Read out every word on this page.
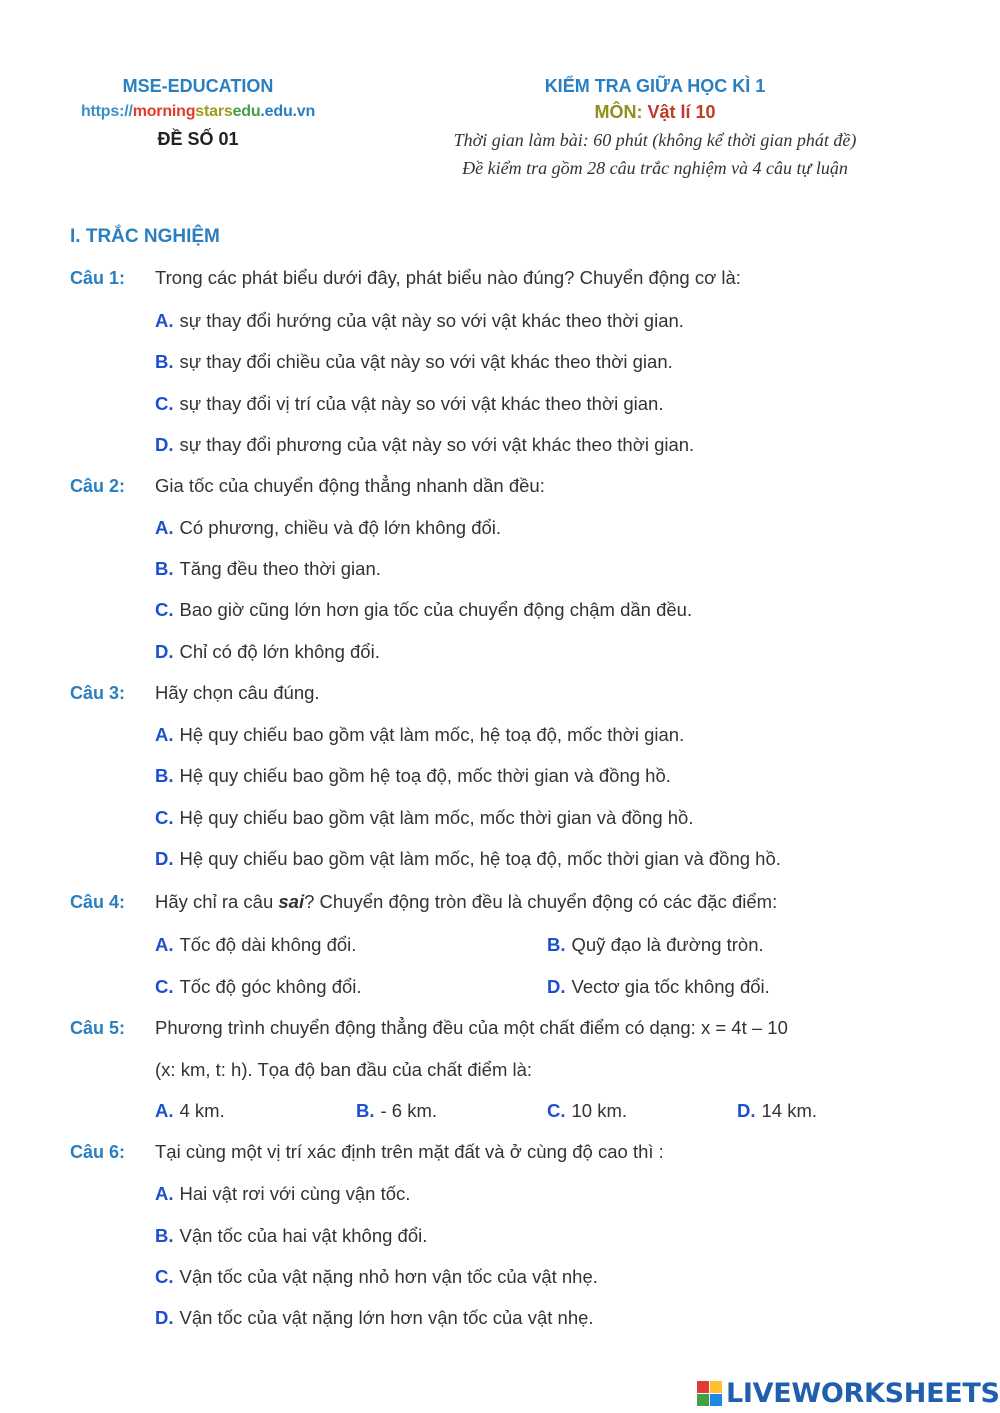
MSE-EDUCATION
https://morningstarsedu.edu.vn
ĐỀ SỐ 01
KIỂM TRA GIỮA HỌC KÌ 1
MÔN: Vật lí 10
Thời gian làm bài: 60 phút (không kể thời gian phát đề)
Đề kiểm tra gồm 28 câu trắc nghiệm và 4 câu tự luận
I. TRẮC NGHIỆM
Câu 1: Trong các phát biểu dưới đây, phát biểu nào đúng? Chuyển động cơ là:
A. sự thay đổi hướng của vật này so với vật khác theo thời gian.
B. sự thay đổi chiều của vật này so với vật khác theo thời gian.
C. sự thay đổi vị trí của vật này so với vật khác theo thời gian.
D. sự thay đổi phương của vật này so với vật khác theo thời gian.
Câu 2: Gia tốc của chuyển động thẳng nhanh dần đều:
A. Có phương, chiều và độ lớn không đổi.
B. Tăng đều theo thời gian.
C. Bao giờ cũng lớn hơn gia tốc của chuyển động chậm dần đều.
D. Chỉ có độ lớn không đổi.
Câu 3: Hãy chọn câu đúng.
A. Hệ quy chiếu bao gồm vật làm mốc, hệ toạ độ, mốc thời gian.
B. Hệ quy chiếu bao gồm hệ toạ độ, mốc thời gian và đồng hồ.
C. Hệ quy chiếu bao gồm vật làm mốc, mốc thời gian và đồng hồ.
D. Hệ quy chiếu bao gồm vật làm mốc, hệ toạ độ, mốc thời gian và đồng hồ.
Câu 4: Hãy chỉ ra câu sai? Chuyển động tròn đều là chuyển động có các đặc điểm:
A. Tốc độ dài không đổi.	B. Quỹ đạo là đường tròn.
C. Tốc độ góc không đổi.	D. Vectơ gia tốc không đổi.
Câu 5: Phương trình chuyển động thẳng đều của một chất điểm có dạng: x = 4t – 10
(x: km, t: h). Tọa độ ban đầu của chất điểm là:
A. 4 km.	B. - 6 km.	C. 10 km.	D. 14 km.
Câu 6: Tại cùng một vị trí xác định trên mặt đất và ở cùng độ cao thì :
A. Hai vật rơi với cùng vận tốc.
B. Vận tốc của hai vật không đổi.
C. Vận tốc của vật nặng nhỏ hơn vận tốc của vật nhẹ.
D. Vận tốc của vật nặng lớn hơn vận tốc của vật nhẹ.
LIVEWORKSHEETS
